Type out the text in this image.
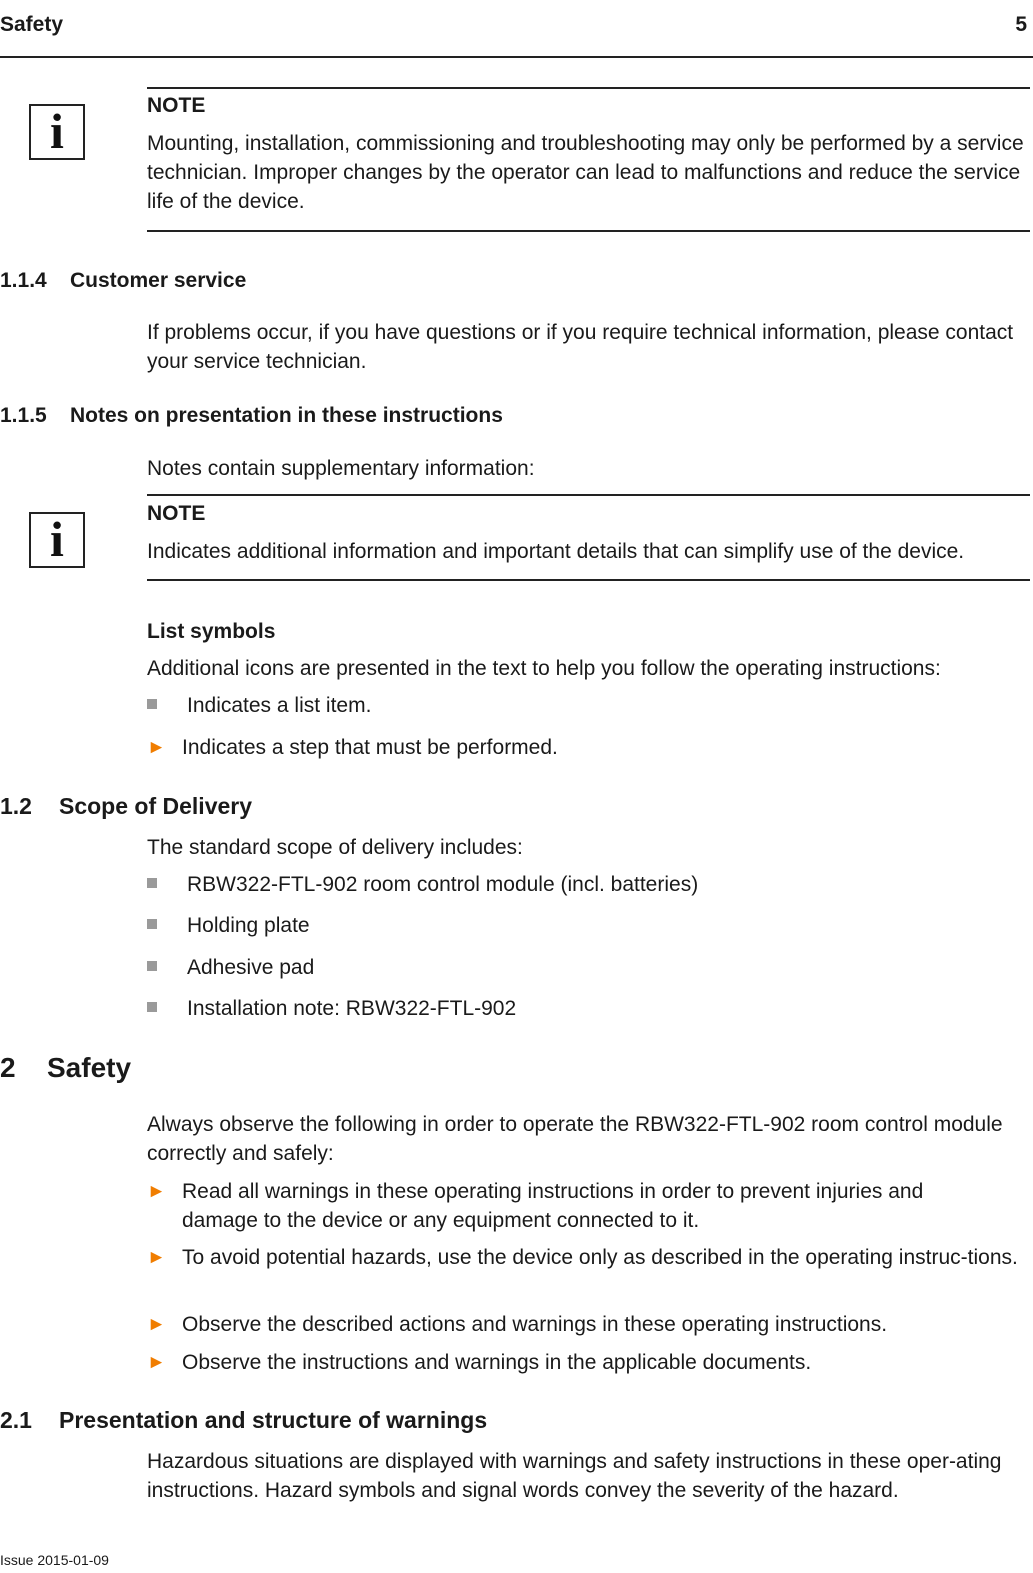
Safety	5
i	NOTE
Mounting, installation, commissioning and troubleshooting may only be performed by a service technician. Improper changes by the operator can lead to malfunctions and reduce the service life of the device.
1.1.4 Customer service
If problems occur, if you have questions or if you require technical information, please contact your service technician.
1.1.5 Notes on presentation in these instructions
Notes contain supplementary information:
i	NOTE
Indicates additional information and important details that can simplify use of the device.
List symbols
Additional icons are presented in the text to help you follow the operating instructions:
Indicates a list item.
► Indicates a step that must be performed.
1.2 Scope of Delivery
The standard scope of delivery includes:
RBW322-FTL-902 room control module (incl. batteries)
Holding plate
Adhesive pad
Installation note: RBW322-FTL-902
2 Safety
Always observe the following in order to operate the RBW322-FTL-902 room control module correctly and safely:
► Read all warnings in these operating instructions in order to prevent injuries and damage to the device or any equipment connected to it.
► To avoid potential hazards, use the device only as described in the operating instruc-tions.
► Observe the described actions and warnings in these operating instructions.
► Observe the instructions and warnings in the applicable documents.
2.1 Presentation and structure of warnings
Hazardous situations are displayed with warnings and safety instructions in these oper-ating instructions. Hazard symbols and signal words convey the severity of the hazard.
Issue 2015-01-09
